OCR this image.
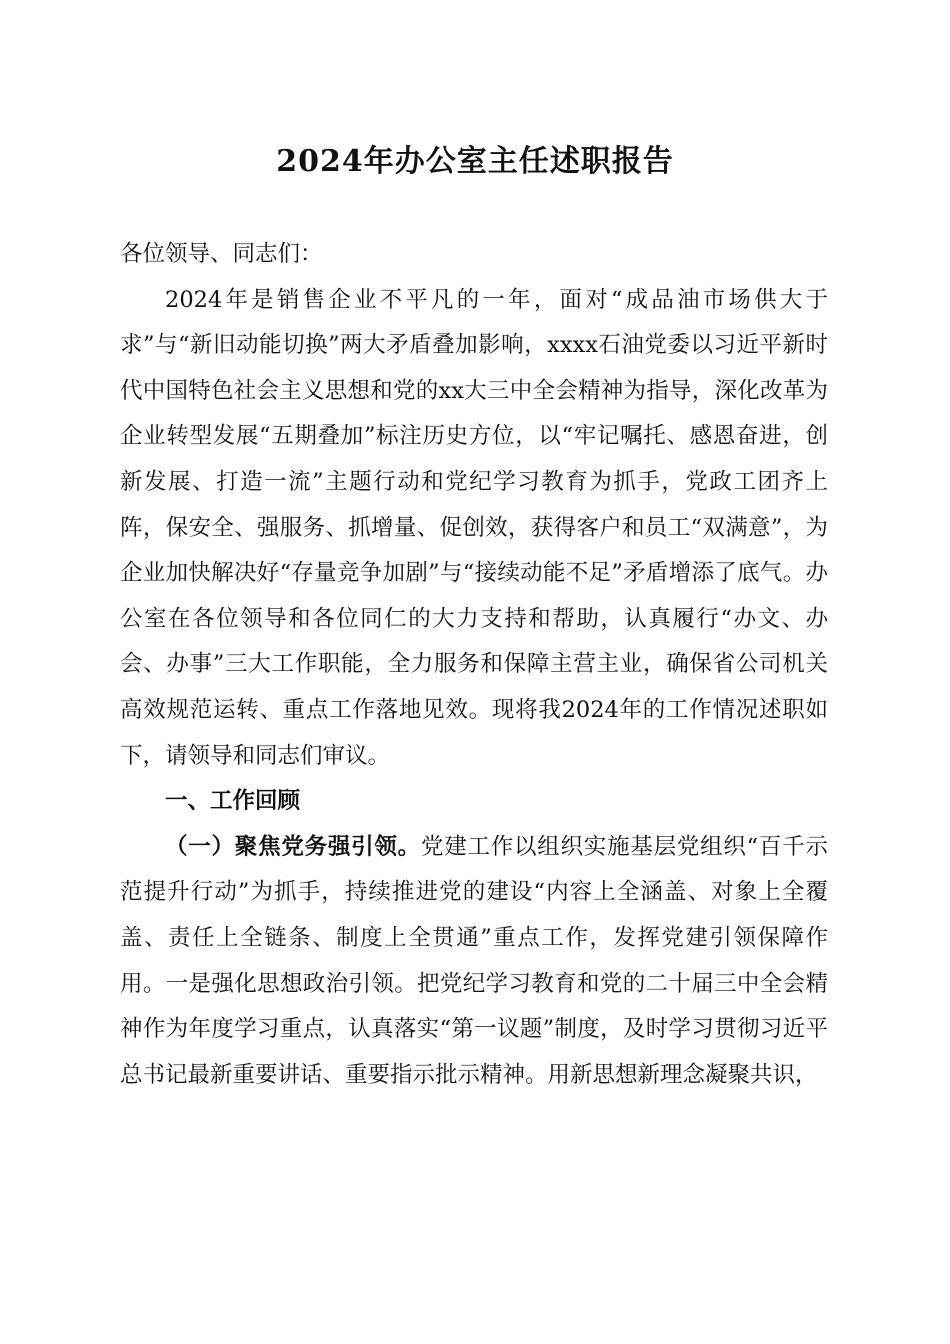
2024年办公室主任述职报告

各位领导、同志们：

2024年是销售企业不平凡的一年，面对“成品油市场供大于求”与“新旧动能切换”两大矛盾叠加影响，xxxx石油党委以习近平新时代中国特色社会主义思想和党的xx大三中全会精神为指导，深化改革为企业转型发展“五期叠加”标注历史方位，以“牢记嘱托、感恩奋进，创新发展、打造一流”主题行动和党纪学习教育为抓手，党政工团齐上阵，保安全、强服务、抓增量、促创效，获得客户和员工“双满意”，为企业加快解决好“存量竞争加剧”与“接续动能不足”矛盾增添了底气。办公室在各位领导和各位同仁的大力支持和帮助，认真履行“办文、办会、办事”三大工作职能，全力服务和保障主营主业，确保省公司机关高效规范运转、重点工作落地见效。现将我2024年的工作情况述职如下，请领导和同志们审议。

一、工作回顾

（一）聚焦党务强引领。党建工作以组织实施基层党组织“百千示范提升行动”为抓手，持续推进党的建设“内容上全涵盖、对象上全覆盖、责任上全链条、制度上全贯通”重点工作，发挥党建引领保障作用。一是强化思想政治引领。把党纪学习教育和党的二十届三中全会精神作为年度学习重点，认真落实“第一议题”制度，及时学习贯彻习近平总书记最新重要讲话、重要指示批示精神。用新思想新理念凝聚共识，
